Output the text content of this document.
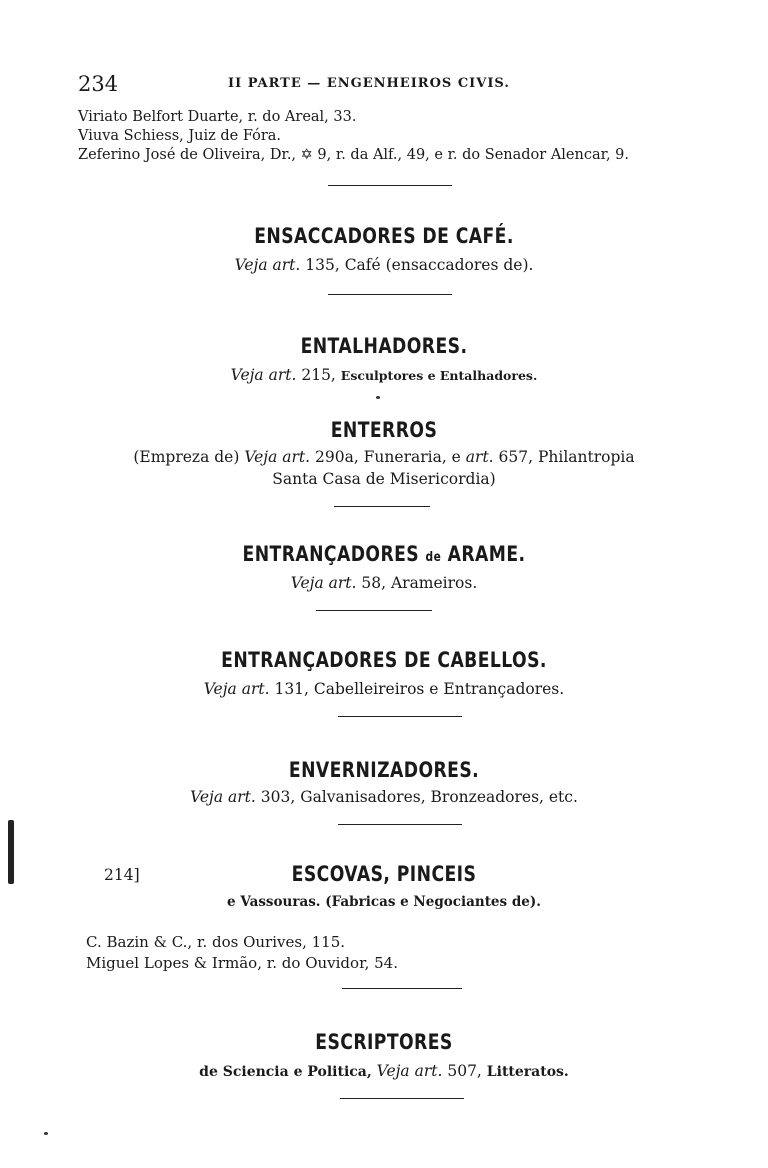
234	II PARTE — ENGENHEIROS CIVIS.
Viriato Belfort Duarte, r. do Areal, 33.
Viuva Schiess, Juiz de Fóra.
Zeferino José de Oliveira, Dr., ✡ 9, r. da Alf., 49, e r. do Senador Alencar, 9.
ENSACCADORES DE CAFÉ.
Veja art. 135, Café (ensaccadores de).
ENTALHADORES.
Veja art. 215, Esculptores e Entalhadores.
ENTERROS
(Empreza de) Veja art. 290a, Funeraria, e art. 657, Philantropia
Santa Casa de Misericordia)
ENTRANÇADORES de ARAME.
Veja art. 58, Arameiros.
ENTRANÇADORES DE CABELLOS.
Veja art. 131, Cabelleireiros e Entrançadores.
ENVERNIZADORES.
Veja art. 303, Galvanisadores, Bronzeadores, etc.
214]	ESCOVAS, PINCEIS
e Vassouras. (Fabricas e Negociantes de).
C. Bazin & C., r. dos Ourives, 115.
Miguel Lopes & Irmão, r. do Ouvidor, 54.
ESCRIPTORES
de Sciencia e Politica, Veja art. 507, Litteratos.
